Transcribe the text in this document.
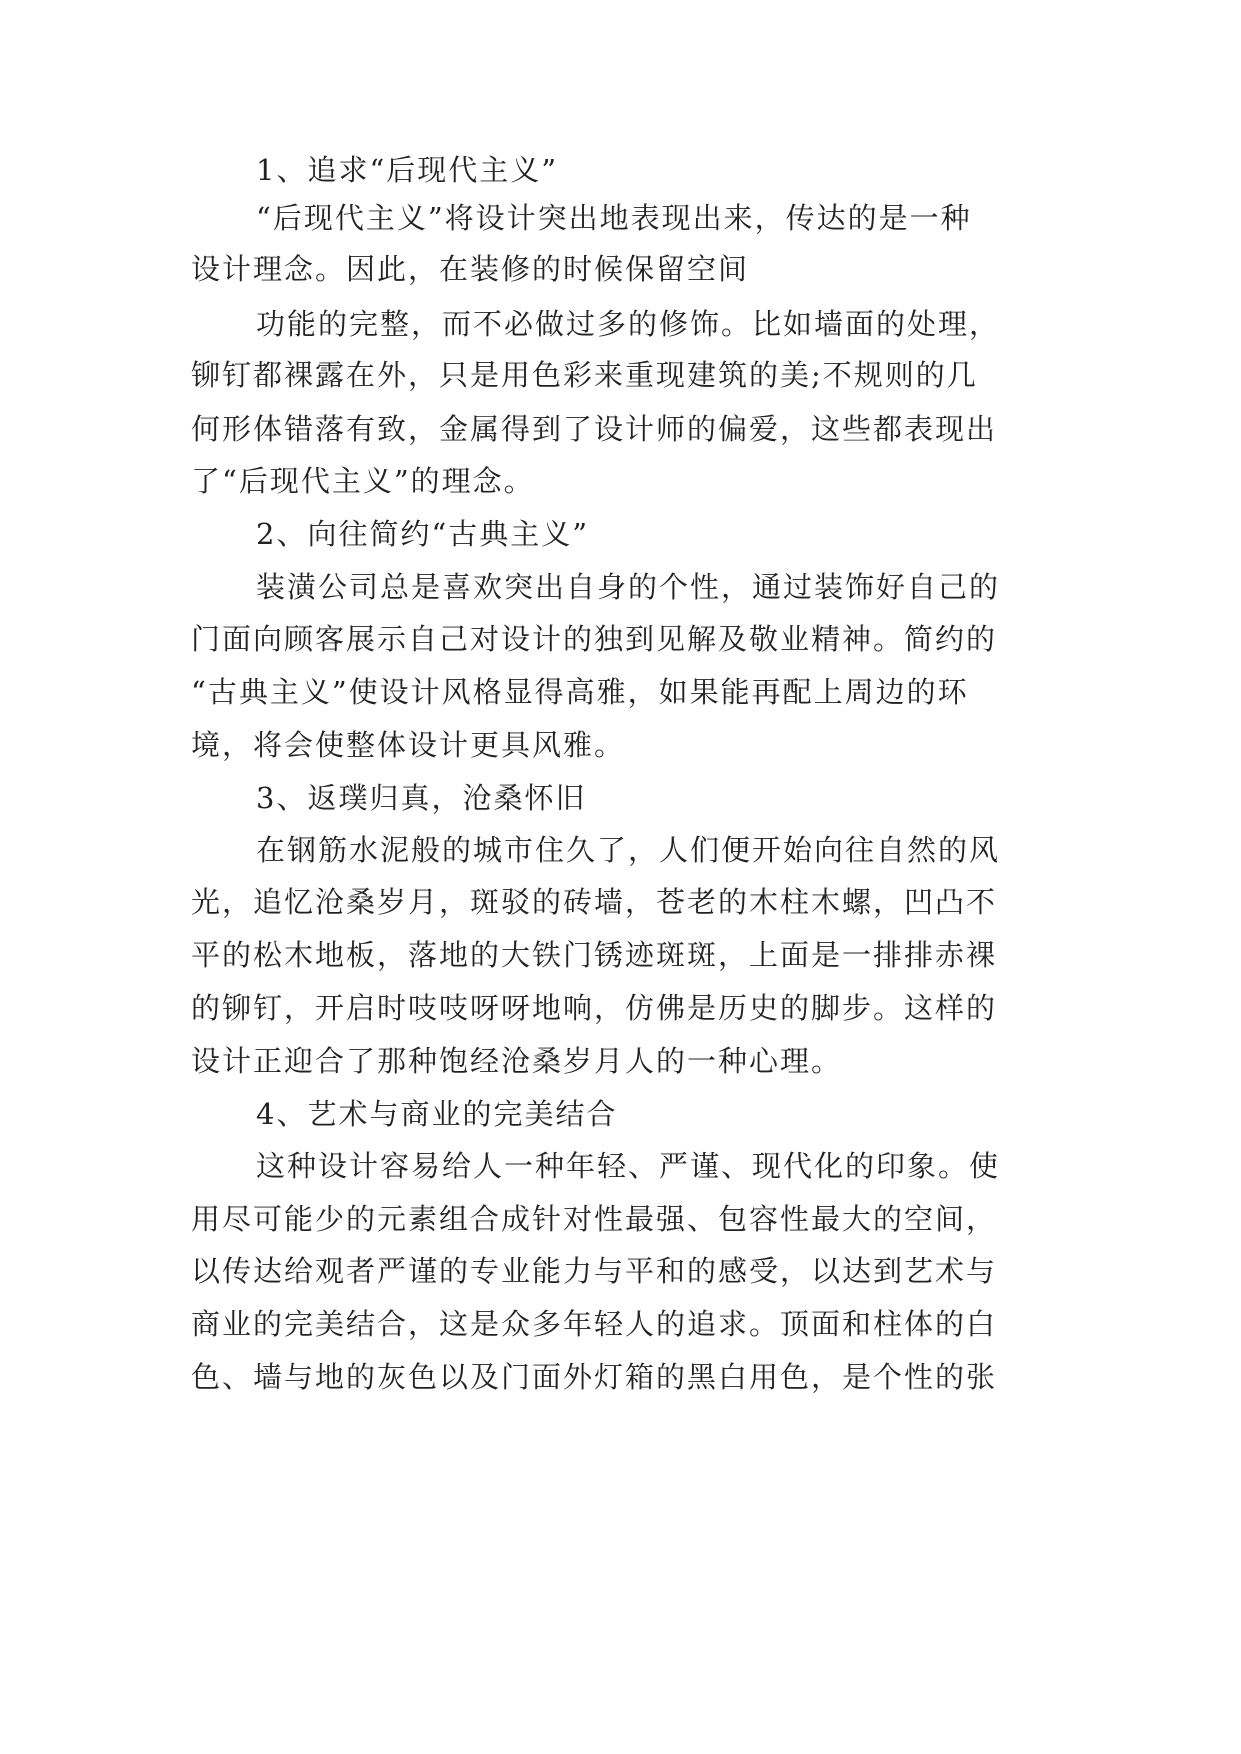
1、追求“后现代主义”
“后现代主义”将设计突出地表现出来，传达的是一种
设计理念。因此，在装修的时候保留空间
功能的完整，而不必做过多的修饰。比如墙面的处理，
铆钉都裸露在外，只是用色彩来重现建筑的美;不规则的几
何形体错落有致，金属得到了设计师的偏爱，这些都表现出
了“后现代主义”的理念。
2、向往简约“古典主义”
装潢公司总是喜欢突出自身的个性，通过装饰好自己的
门面向顾客展示自己对设计的独到见解及敬业精神。简约的
“古典主义”使设计风格显得高雅，如果能再配上周边的环
境，将会使整体设计更具风雅。
3、返璞归真，沧桑怀旧
在钢筋水泥般的城市住久了，人们便开始向往自然的风
光，追忆沧桑岁月，斑驳的砖墙，苍老的木柱木螺，凹凸不
平的松木地板，落地的大铁门锈迹斑斑，上面是一排排赤裸
的铆钉，开启时吱吱呀呀地响，仿佛是历史的脚步。这样的
设计正迎合了那种饱经沧桑岁月人的一种心理。
4、艺术与商业的完美结合
这种设计容易给人一种年轻、严谨、现代化的印象。使
用尽可能少的元素组合成针对性最强、包容性最大的空间，
以传达给观者严谨的专业能力与平和的感受，以达到艺术与
商业的完美结合，这是众多年轻人的追求。顶面和柱体的白
色、墙与地的灰色以及门面外灯箱的黑白用色，是个性的张
